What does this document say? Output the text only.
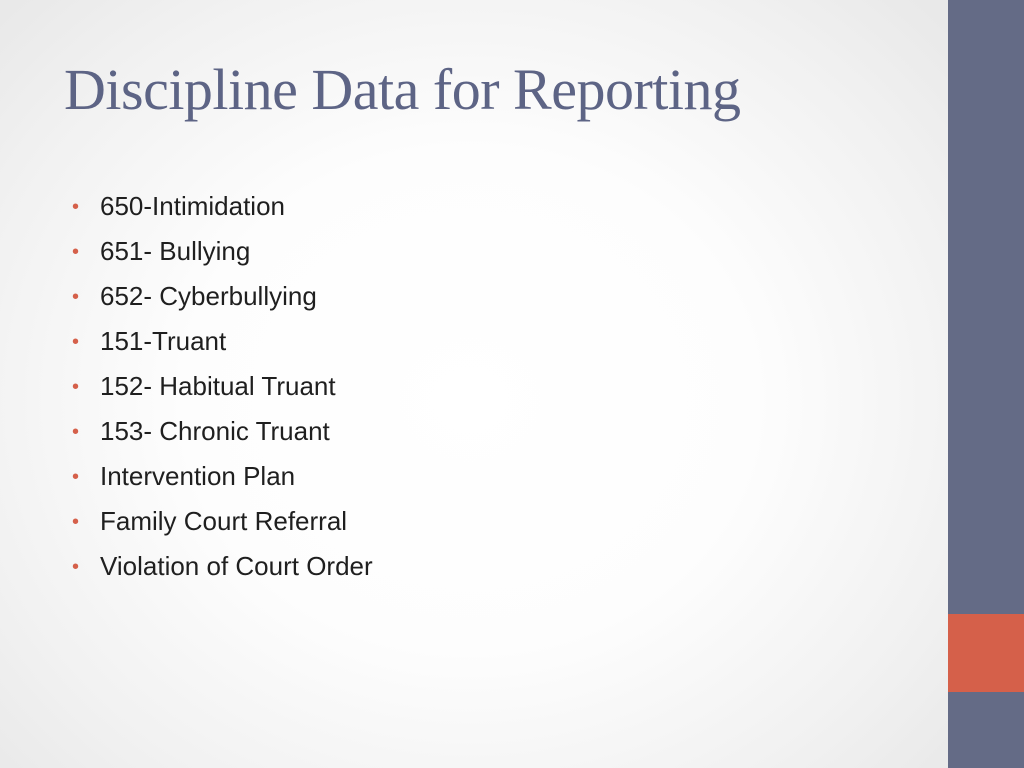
Discipline Data for Reporting
• 650-Intimidation
• 651- Bullying
• 652- Cyberbullying
• 151-Truant
• 152- Habitual Truant
• 153- Chronic Truant
• Intervention Plan
• Family Court Referral
• Violation of Court Order
